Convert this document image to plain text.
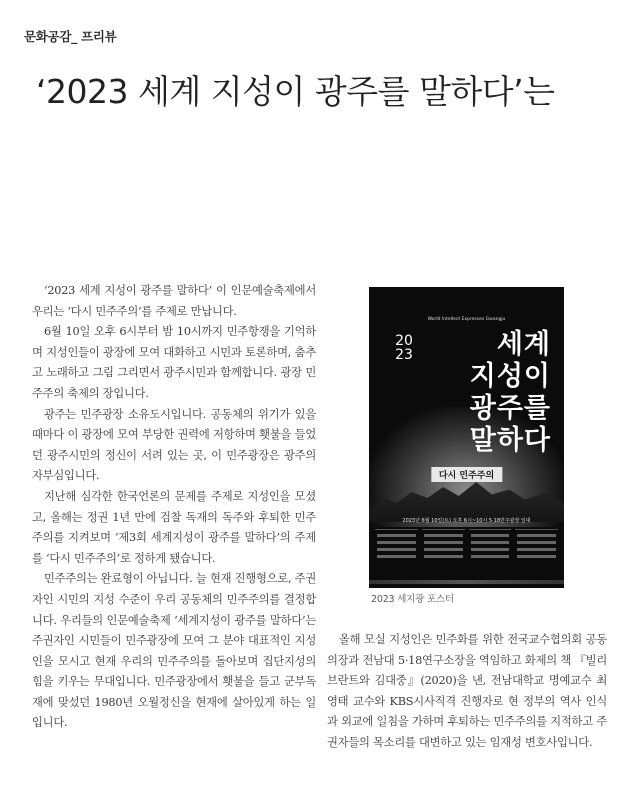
문화공감_ 프리뷰
‘2023 세계 지성이 광주를 말하다’는

‘2023 세계 지성이 광주를 말하다’ 이 인문예술축제에서 우리는 ‘다시 민주주의’를 주제로 만납니다.

6월 10일 오후 6시부터 밤 10시까지 민주항쟁을 기억하며 지성인들이 광장에 모여 대화하고 시민과 토론하며, 춤추고 노래하고 그림 그리면서 광주시민과 함께합니다. 광장 민주주의 축제의 장입니다.

광주는 민주광장 소유도시입니다. 공동체의 위기가 있을 때마다 이 광장에 모여 부당한 권력에 저항하며 횃불을 들었던 광주시민의 정신이 서려 있는 곳, 이 민주광장은 광주의 자부심입니다.

지난해 심각한 한국언론의 문제를 주제로 지성인을 모셨고, 올해는 정권 1년 만에 검찰 독재의 독주와 후퇴한 민주주의를 지켜보며 ‘제3회 세계지성이 광주를 말하다’의 주제를 ‘다시 민주주의’로 정하게 됐습니다.

민주주의는 완료형이 아닙니다. 늘 현재 진행형으로, 주권자인 시민의 지성 수준이 우리 공동체의 민주주의를 결정합니다. 우리들의 인문예술축제 ‘세계지성이 광주를 말하다’는 주권자인 시민들이 민주광장에 모여 그 분야 대표적인 지성인을 모시고 현재 우리의 민주주의를 돌아보며 집단지성의 힘을 키우는 무대입니다. 민주광장에서 횃불을 들고 군부독재에 맞섰던 1980년 오월정신을 현재에 살아있게 하는 일입니다.

World Intellect Expresses Gwangju
2023	세계
지성이
광주를
말하다
다시 민주주의
2023년 6월 10일(토) 오후 6시~10시 5·18민주광장 일대
2023 세지광 포스터

올해 모실 지성인은 민주화를 위한 전국교수협의회 공동의장과 전남대 5·18연구소장을 역임하고 화제의 책 『빌리브란트와 김대중』(2020)을 낸, 전남대학교 명예교수 최영태 교수와 KBS시사직격 진행자로 현 정부의 역사 인식과 외교에 일침을 가하며 후퇴하는 민주주의를 지적하고 주권자들의 목소리를 대변하고 있는 임재성 변호사입니다.
